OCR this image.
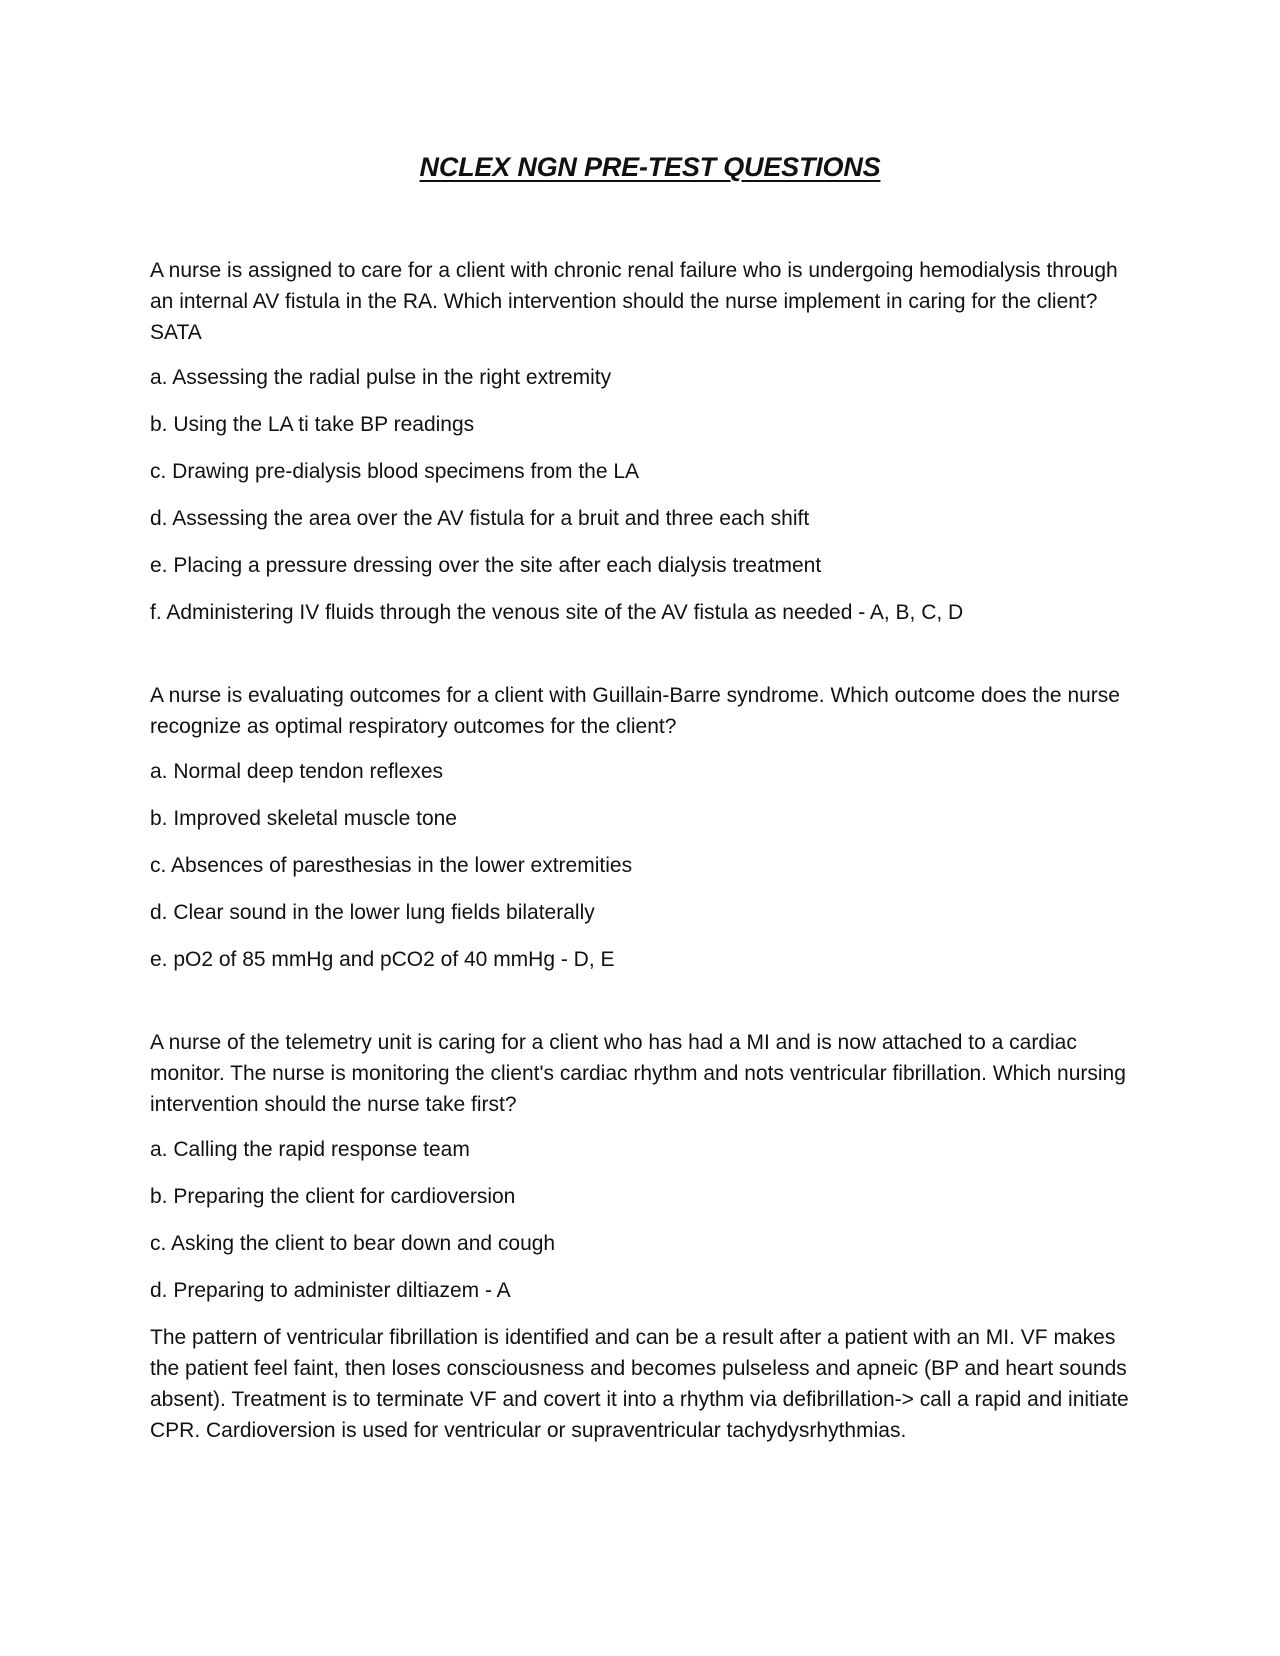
NCLEX NGN PRE-TEST QUESTIONS

A nurse is assigned to care for a client with chronic renal failure who is undergoing hemodialysis through an internal AV fistula in the RA. Which intervention should the nurse implement in caring for the client? SATA

a. Assessing the radial pulse in the right extremity

b. Using the LA ti take BP readings

c. Drawing pre-dialysis blood specimens from the LA

d. Assessing the area over the AV fistula for a bruit and three each shift

e. Placing a pressure dressing over the site after each dialysis treatment

f. Administering IV fluids through the venous site of the AV fistula as needed - A, B, C, D

A nurse is evaluating outcomes for a client with Guillain-Barre syndrome. Which outcome does the nurse recognize as optimal respiratory outcomes for the client?

a. Normal deep tendon reflexes

b. Improved skeletal muscle tone

c. Absences of paresthesias in the lower extremities

d. Clear sound in the lower lung fields bilaterally

e. pO2 of 85 mmHg and pCO2 of 40 mmHg - D, E

A nurse of the telemetry unit is caring for a client who has had a MI and is now attached to a cardiac monitor. The nurse is monitoring the client's cardiac rhythm and nots ventricular fibrillation. Which nursing intervention should the nurse take first?

a. Calling the rapid response team

b. Preparing the client for cardioversion

c. Asking the client to bear down and cough

d. Preparing to administer diltiazem - A

The pattern of ventricular fibrillation is identified and can be a result after a patient with an MI. VF makes the patient feel faint, then loses consciousness and becomes pulseless and apneic (BP and heart sounds absent). Treatment is to terminate VF and covert it into a rhythm via defibrillation-> call a rapid and initiate CPR. Cardioversion is used for ventricular or supraventricular tachydysrhythmias.
